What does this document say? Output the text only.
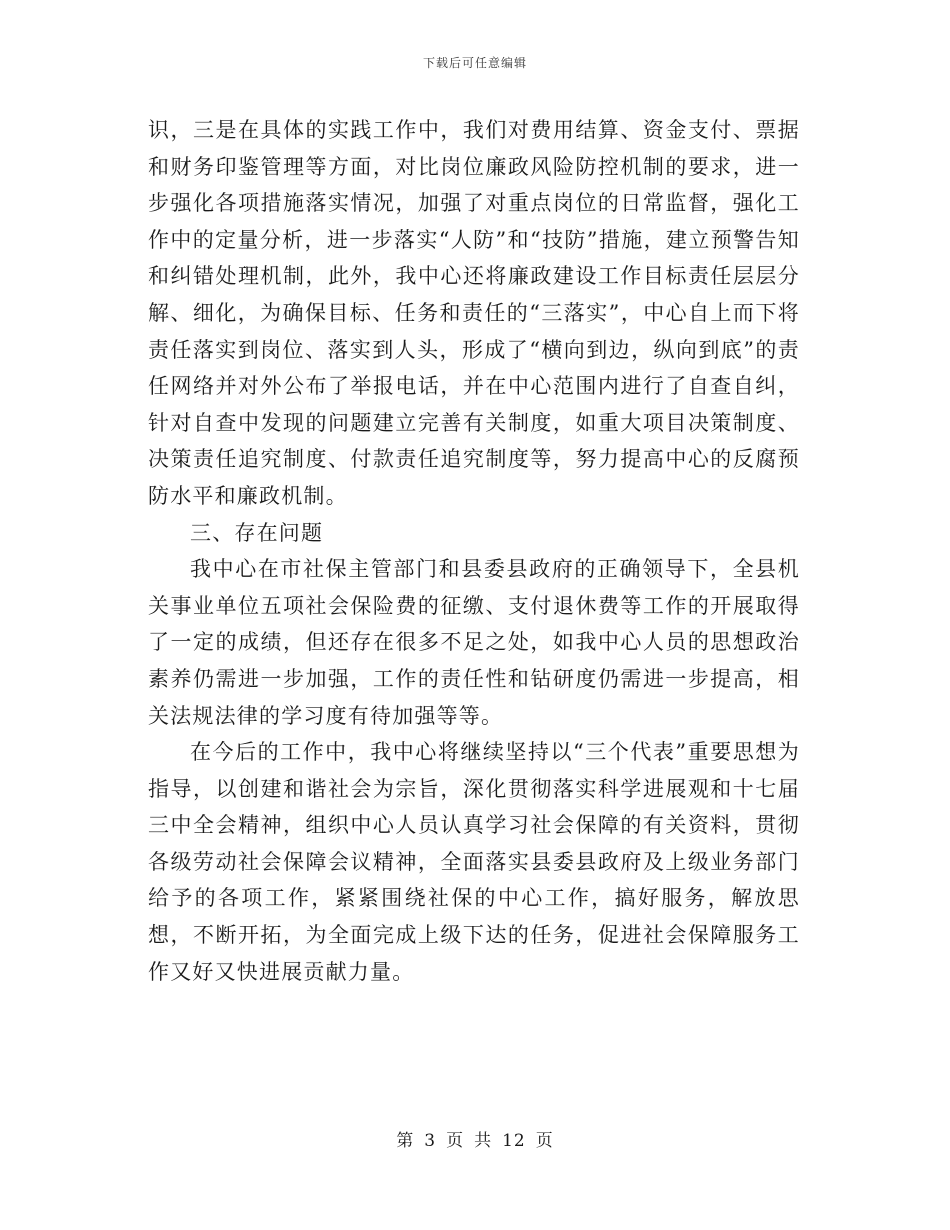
下载后可任意编辑

识，三是在具体的实践工作中，我们对费用结算、资金支付、票据和财务印鉴管理等方面，对比岗位廉政风险防控机制的要求，进一步强化各项措施落实情况，加强了对重点岗位的日常监督，强化工作中的定量分析，进一步落实“人防”和“技防”措施，建立预警告知和纠错处理机制，此外，我中心还将廉政建设工作目标责任层层分解、细化，为确保目标、任务和责任的“三落实”，中心自上而下将责任落实到岗位、落实到人头，形成了“横向到边，纵向到底”的责任网络并对外公布了举报电话，并在中心范围内进行了自查自纠，针对自查中发现的问题建立完善有关制度，如重大项目决策制度、决策责任追究制度、付款责任追究制度等，努力提高中心的反腐预防水平和廉政机制。

三、存在问题

我中心在市社保主管部门和县委县政府的正确领导下，全县机关事业单位五项社会保险费的征缴、支付退休费等工作的开展取得了一定的成绩，但还存在很多不足之处，如我中心人员的思想政治素养仍需进一步加强，工作的责任性和钻研度仍需进一步提高，相关法规法律的学习度有待加强等等。

在今后的工作中，我中心将继续坚持以“三个代表”重要思想为指导，以创建和谐社会为宗旨，深化贯彻落实科学进展观和十七届三中全会精神，组织中心人员认真学习社会保障的有关资料，贯彻各级劳动社会保障会议精神，全面落实县委县政府及上级业务部门给予的各项工作，紧紧围绕社保的中心工作，搞好服务，解放思想，不断开拓，为全面完成上级下达的任务，促进社会保障服务工作又好又快进展贡献力量。

第 3 页 共 12 页
